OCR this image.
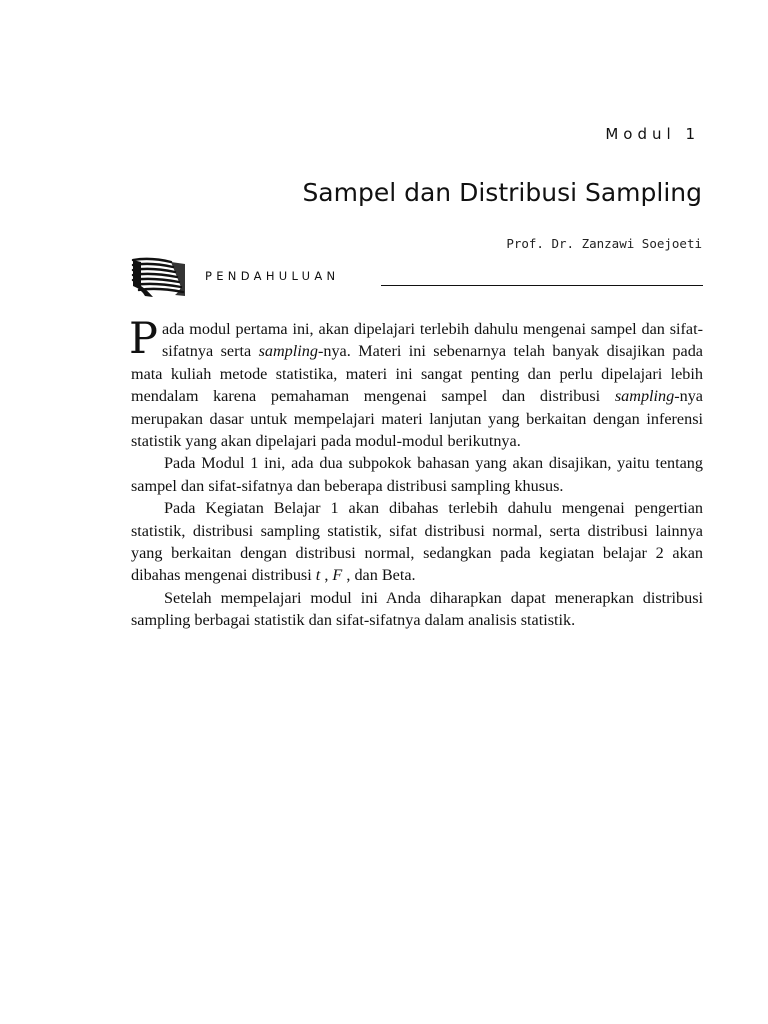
Modul 1
Sampel dan Distribusi Sampling
Prof. Dr. Zanzawi Soejoeti
PENDAHULUAN

Pada modul pertama ini, akan dipelajari terlebih dahulu mengenai sampel dan sifat-sifatnya serta sampling-nya. Materi ini sebenarnya telah banyak disajikan pada mata kuliah metode statistika, materi ini sangat penting dan perlu dipelajari lebih mendalam karena pemahaman mengenai sampel dan distribusi sampling-nya merupakan dasar untuk mempelajari materi lanjutan yang berkaitan dengan inferensi statistik yang akan dipelajari pada modul-modul berikutnya.

Pada Modul 1 ini, ada dua subpokok bahasan yang akan disajikan, yaitu tentang sampel dan sifat-sifatnya dan beberapa distribusi sampling khusus.

Pada Kegiatan Belajar 1 akan dibahas terlebih dahulu mengenai pengertian statistik, distribusi sampling statistik, sifat distribusi normal, serta distribusi lainnya yang berkaitan dengan distribusi normal, sedangkan pada kegiatan belajar 2 akan dibahas mengenai distribusi t , F , dan Beta.

Setelah mempelajari modul ini Anda diharapkan dapat menerapkan distribusi sampling berbagai statistik dan sifat-sifatnya dalam analisis statistik.
